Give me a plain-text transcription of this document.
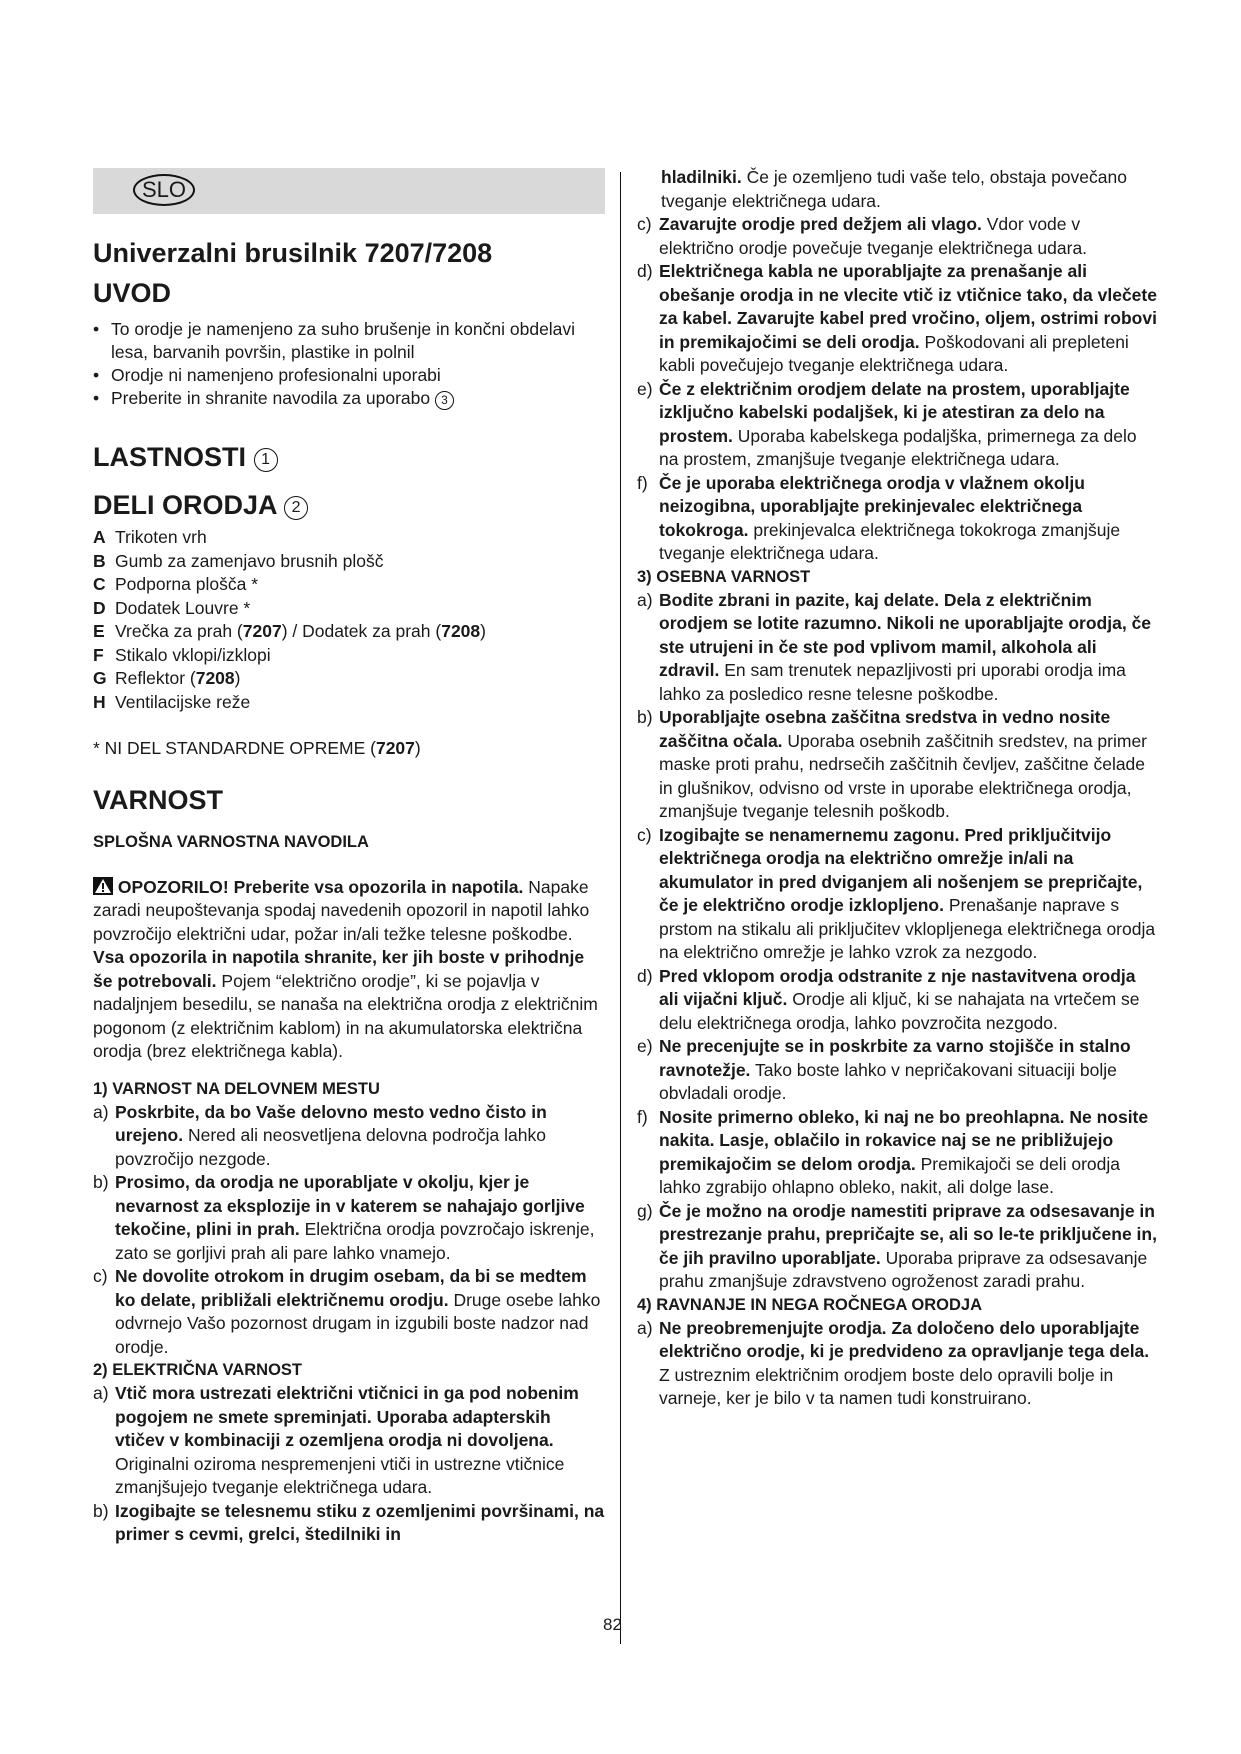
SLO
Univerzalni brusilnik 7207/7208
UVOD
• To orodje je namenjeno za suho brušenje in končni obdelavi lesa, barvanih površin, plastike in polnil
• Orodje ni namenjeno profesionalni uporabi
• Preberite in shranite navodila za uporabo 3
LASTNOSTI 1
DELI ORODJA 2
A Trikoten vrh
B Gumb za zamenjavo brusnih plošč
C Podporna plošča *
D Dodatek Louvre *
E Vrečka za prah (7207) / Dodatek za prah (7208)
F Stikalo vklopi/izklopi
G Reflektor (7208)
H Ventilacijske reže

* NI DEL STANDARDNE OPREME (7207)

VARNOST

SPLOŠNA VARNOSTNA NAVODILA

OPOZORILO! Preberite vsa opozorila in napotila. Napake zaradi neupoštevanja spodaj navedenih opozoril in napotil lahko povzročijo električni udar, požar in/ali težke telesne poškodbe. Vsa opozorila in napotila shranite, ker jih boste v prihodnje še potrebovali. Pojem “električno orodje”, ki se pojavlja v nadaljnjem besedilu, se nanaša na električna orodja z električnim pogonom (z električnim kablom) in na akumulatorska električna orodja (brez električnega kabla).

1) VARNOST NA DELOVNEM MESTU

a) Poskrbite, da bo Vaše delovno mesto vedno čisto in urejeno. Nered ali neosvetljena delovna področja lahko povzročijo nezgode.
b) Prosimo, da orodja ne uporabljate v okolju, kjer je nevarnost za eksplozije in v katerem se nahajajo gorljive tekočine, plini in prah. Električna orodja povzročajo iskrenje, zato se gorljivi prah ali pare lahko vnamejo.
c) Ne dovolite otrokom in drugim osebam, da bi se medtem ko delate, približali električnemu orodju. Druge osebe lahko odvrnejo Vašo pozornost drugam in izgubili boste nadzor nad orodje.

2) ELEKTRIČNA VARNOST

a) Vtič mora ustrezati električni vtičnici in ga pod nobenim pogojem ne smete spreminjati. Uporaba adapterskih vtičev v kombinaciji z ozemljena orodja ni dovoljena. Originalni oziroma nespremenjeni vtiči in ustrezne vtičnice zmanjšujejo tveganje električnega udara.
b) Izogibajte se telesnemu stiku z ozemljenimi površinami, na primer s cevmi, grelci, štedilniki in
hladilniki. Če je ozemljeno tudi vaše telo, obstaja povečano tveganje električnega udara.
c) Zavarujte orodje pred dežjem ali vlago. Vdor vode v električno orodje povečuje tveganje električnega udara.
d) Električnega kabla ne uporabljajte za prenašanje ali obešanje orodja in ne vlecite vtič iz vtičnice tako, da vlečete za kabel. Zavarujte kabel pred vročino, oljem, ostrimi robovi in premikajočimi se deli orodja. Poškodovani ali prepleteni kabli povečujejo tveganje električnega udara.
e) Če z električnim orodjem delate na prostem, uporabljajte izključno kabelski podaljšek, ki je atestiran za delo na prostem. Uporaba kabelskega podaljška, primernega za delo na prostem, zmanjšuje tveganje električnega udara.
f) Če je uporaba električnega orodja v vlažnem okolju neizogibna, uporabljajte prekinjevalec električnega tokokroga. prekinjevalca električnega tokokroga zmanjšuje tveganje električnega udara.

3) OSEBNA VARNOST

a) Bodite zbrani in pazite, kaj delate. Dela z električnim orodjem se lotite razumno. Nikoli ne uporabljajte orodja, če ste utrujeni in če ste pod vplivom mamil, alkohola ali zdravil. En sam trenutek nepazljivosti pri uporabi orodja ima lahko za posledico resne telesne poškodbe.
b) Uporabljajte osebna zaščitna sredstva in vedno nosite zaščitna očala. Uporaba osebnih zaščitnih sredstev, na primer maske proti prahu, nedrsečih zaščitnih čevljev, zaščitne čelade in glušnikov, odvisno od vrste in uporabe električnega orodja, zmanjšuje tveganje telesnih poškodb.
c) Izogibajte se nenamernemu zagonu. Pred priključitvijo električnega orodja na električno omrežje in/ali na akumulator in pred dviganjem ali nošenjem se prepričajte, če je električno orodje izklopljeno. Prenašanje naprave s prstom na stikalu ali priključitev vklopljenega električnega orodja na električno omrežje je lahko vzrok za nezgodo.
d) Pred vklopom orodja odstranite z nje nastavitvena orodja ali vijačni ključ. Orodje ali ključ, ki se nahajata na vrtečem se delu električnega orodja, lahko povzročita nezgodo.
e) Ne precenjujte se in poskrbite za varno stojišče in stalno ravnotežje. Tako boste lahko v nepričakovani situaciji bolje obvladali orodje.
f) Nosite primerno obleko, ki naj ne bo preohlapna. Ne nosite nakita. Lasje, oblačilo in rokavice naj se ne približujejo premikajočim se delom orodja. Premikajoči se deli orodja lahko zgrabijo ohlapno obleko, nakit, ali dolge lase.
g) Če je možno na orodje namestiti priprave za odsesavanje in prestrezanje prahu, prepričajte se, ali so le-te priključene in, če jih pravilno uporabljate. Uporaba priprave za odsesavanje prahu zmanjšuje zdravstveno ogroženost zaradi prahu.

4) RAVNANJE IN NEGA ROČNEGA ORODJA

a) Ne preobremenjujte orodja. Za določeno delo uporabljajte električno orodje, ki je predvideno za opravljanje tega dela. Z ustreznim električnim orodjem boste delo opravili bolje in varneje, ker je bilo v ta namen tudi konstruirano.
82
